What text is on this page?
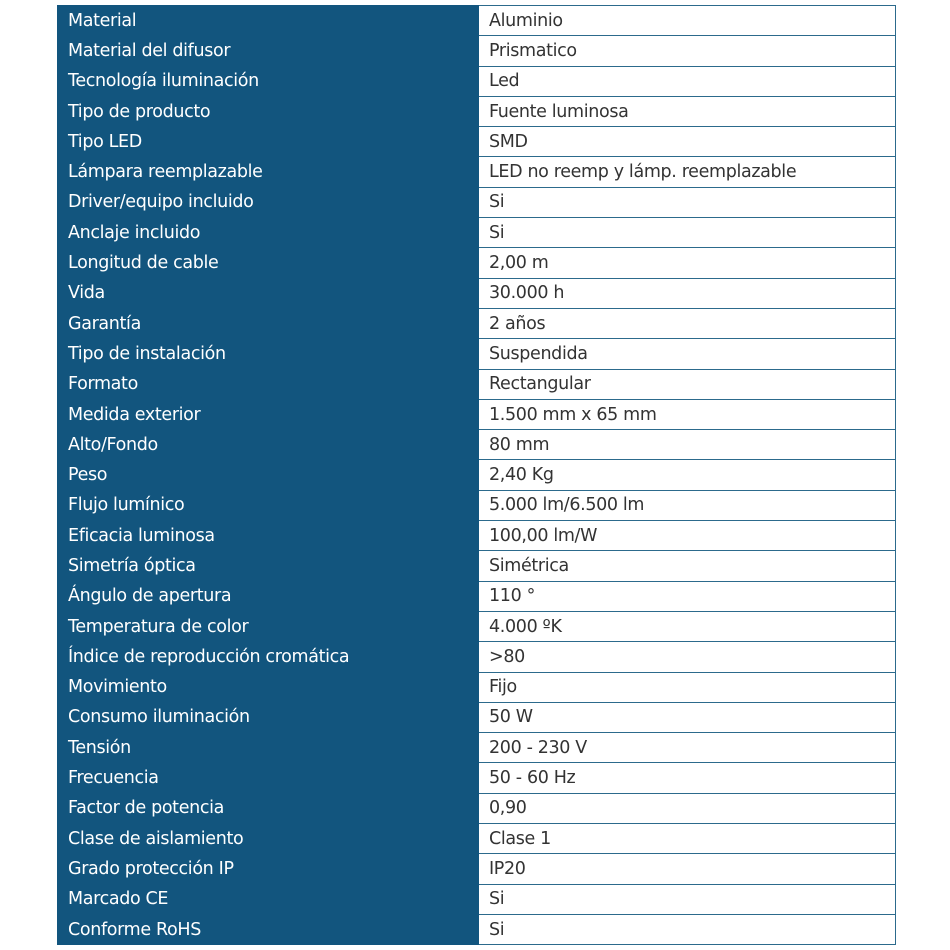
Material	Aluminio
Material del difusor	Prismatico
Tecnología iluminación	Led
Tipo de producto	Fuente luminosa
Tipo LED	SMD
Lámpara reemplazable	LED no reemp y lámp. reemplazable
Driver/equipo incluido	Si
Anclaje incluido	Si
Longitud de cable	2,00 m
Vida	30.000 h
Garantía	2 años
Tipo de instalación	Suspendida
Formato	Rectangular
Medida exterior	1.500 mm x 65 mm
Alto/Fondo	80 mm
Peso	2,40 Kg
Flujo lumínico	5.000 lm/6.500 lm
Eficacia luminosa	100,00 lm/W
Simetría óptica	Simétrica
Ángulo de apertura	110 °
Temperatura de color	4.000 ºK
Índice de reproducción cromática	>80
Movimiento	Fijo
Consumo iluminación	50 W
Tensión	200 - 230 V
Frecuencia	50 - 60 Hz
Factor de potencia	0,90
Clase de aislamiento	Clase 1
Grado protección IP	IP20
Marcado CE	Si
Conforme RoHS	Si
